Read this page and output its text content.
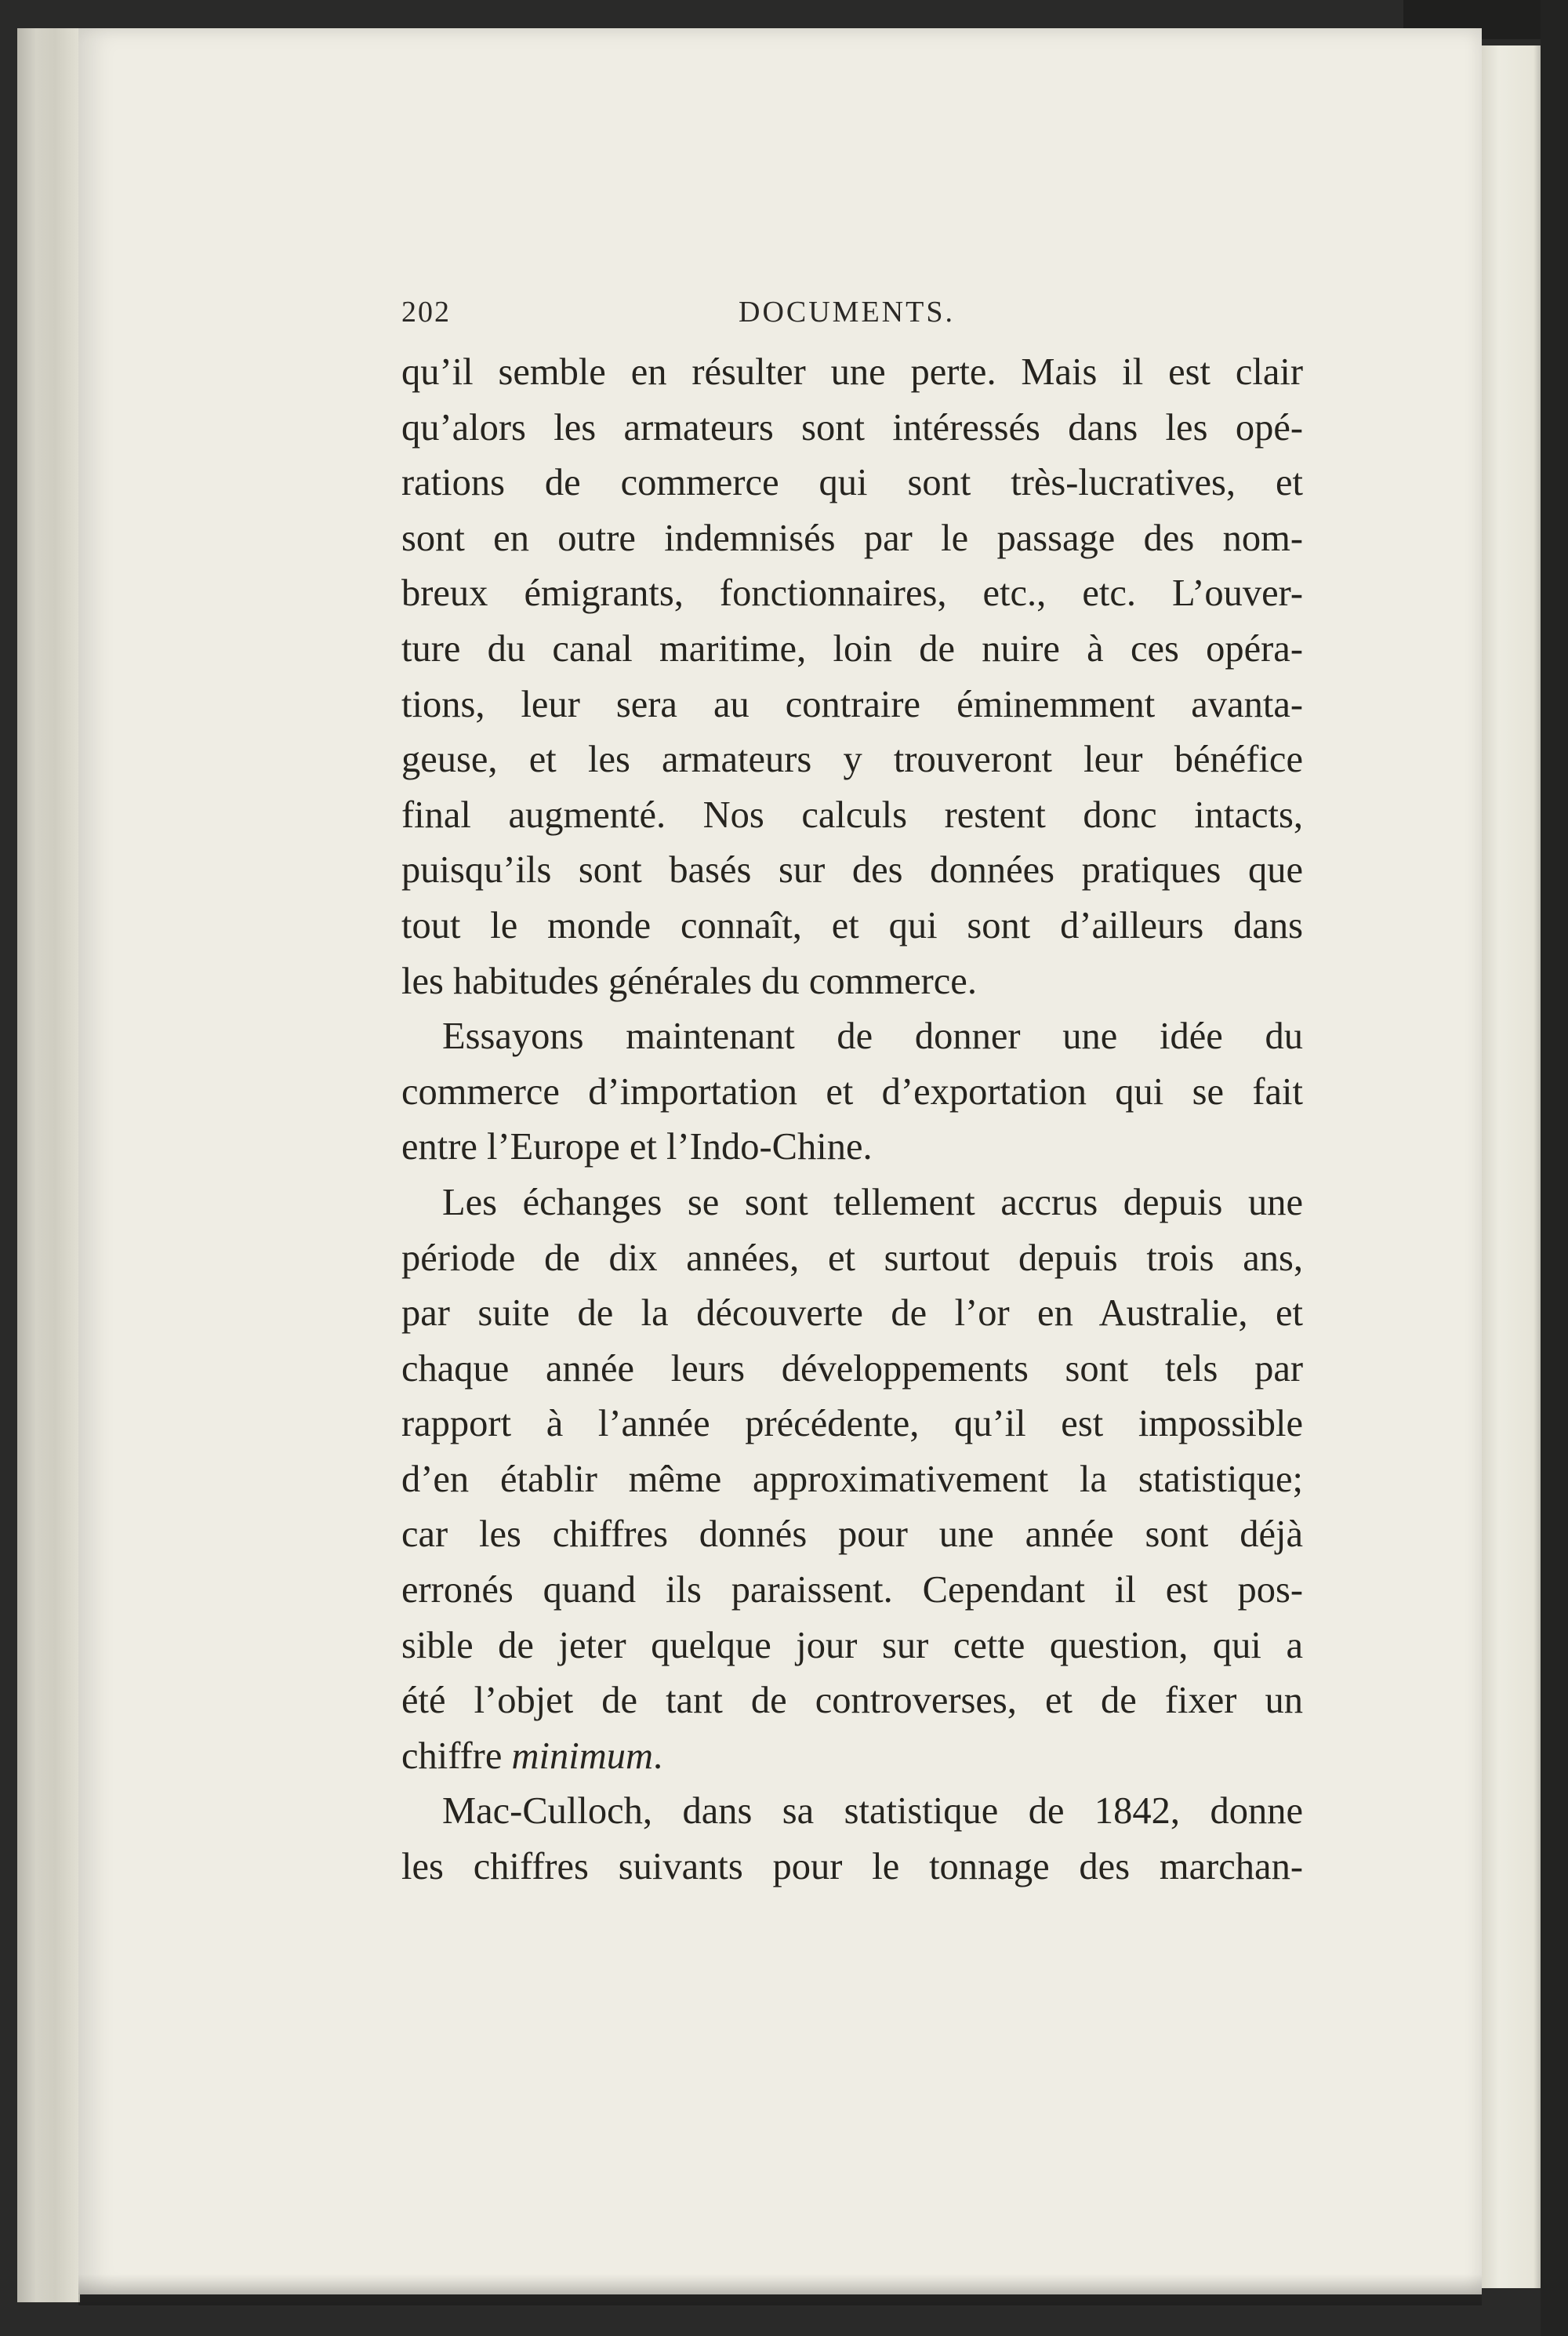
202	DOCUMENTS.
qu’il semble en résulter une perte. Mais il est clair
qu’alors les armateurs sont intéressés dans les opé-
rations de commerce qui sont très-lucratives, et
sont en outre indemnisés par le passage des nom-
breux émigrants, fonctionnaires, etc., etc. L’ouver-
ture du canal maritime, loin de nuire à ces opéra-
tions, leur sera au contraire éminemment avanta-
geuse, et les armateurs y trouveront leur bénéfice
final augmenté. Nos calculs restent donc intacts,
puisqu’ils sont basés sur des données pratiques que
tout le monde connaît, et qui sont d’ailleurs dans
les habitudes générales du commerce.
Essayons maintenant de donner une idée du
commerce d’importation et d’exportation qui se fait
entre l’Europe et l’Indo-Chine.
Les échanges se sont tellement accrus depuis une
période de dix années, et surtout depuis trois ans,
par suite de la découverte de l’or en Australie, et
chaque année leurs développements sont tels par
rapport à l’année précédente, qu’il est impossible
d’en établir même approximativement la statistique;
car les chiffres donnés pour une année sont déjà
erronés quand ils paraissent. Cependant il est pos-
sible de jeter quelque jour sur cette question, qui a
été l’objet de tant de controverses, et de fixer un
chiffre minimum.
Mac-Culloch, dans sa statistique de 1842, donne
les chiffres suivants pour le tonnage des marchan-
